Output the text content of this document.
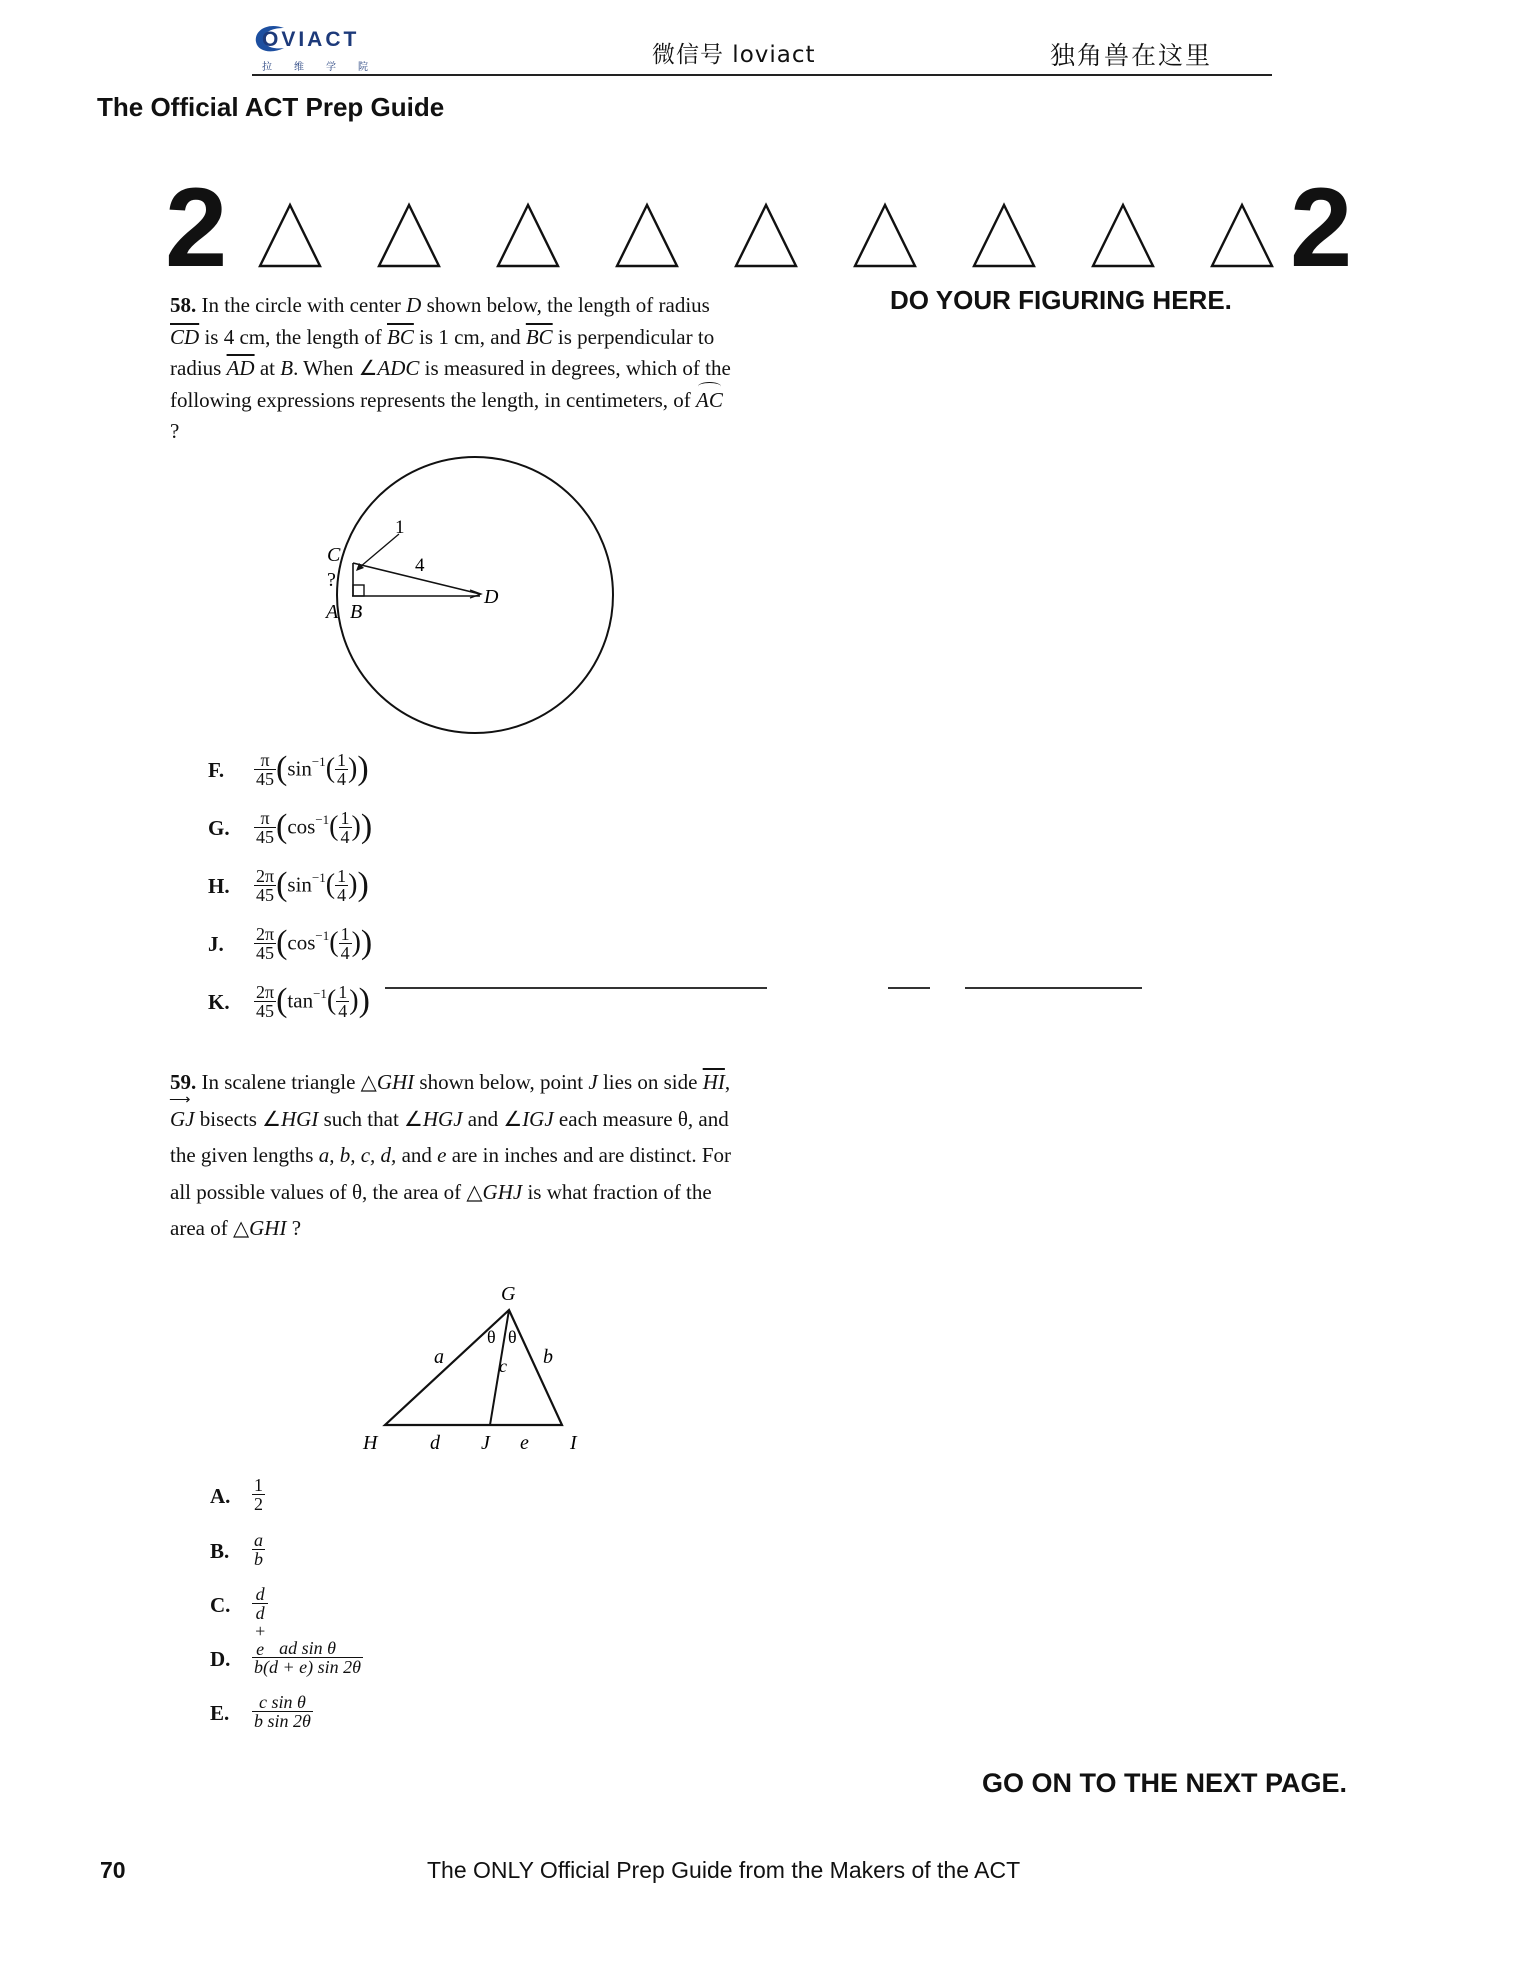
OVIACT
拉维学院	微信号 loviact	独角兽在这里
The Official ACT Prep Guide
2	2
DO YOUR FIGURING HERE.
58. In the circle with center D shown below, the length of radius $\overline{CD}$ is 4 cm, the length of $\overline{BC}$ is 1 cm, and $\overline{BC}$ is perpendicular to radius $\overline{AD}$ at B. When ∠ADC is measured in degrees, which of the following expressions represents the length, in centimeters, of AC ?
C
?
A B
D
1
4
F. $\frac{\pi}{45} (\sin^{-1}( \frac{1}{4}$ ))
G. $\frac{\pi}{45} (\cos^{-1}( \frac{1}{4}$ ))
H. $\frac{2\pi}{45} (\sin^{-1}( \frac{1}{4}$ ))
J. $\frac{2\pi}{45} (\cos^{-1}( \frac{1}{4}$ ))
K. $\frac{2\pi}{45} (\tan^{-1}( \frac{1}{4}$ ))
59. In scalene triangle △GHI shown below, point J lies on side $\overline{HI}$, ⟶ GJ bisects ∠HGI such that ∠HGJ and ∠IGJ each measure θ, and the given lengths a, b, c, d, and e are in inches and are distinct. For all possible values of θ, the area of △GHJ is what fraction of the area of △GHI ?
G
H	d J e I
a	b
c
θ θ
A. $\frac{1}{2}$
B. $\frac{a}{b}$
C. $\frac{d}{d + e}$
D. $\frac{\text{ad sin θ}}{b(d + e) \sin 2\theta}$
E. $\frac{\text{c sin θ}}{\text{b sin 2θ}}$
GO ON TO THE NEXT PAGE.
70	The ONLY Official Prep Guide from the Makers of the ACT
